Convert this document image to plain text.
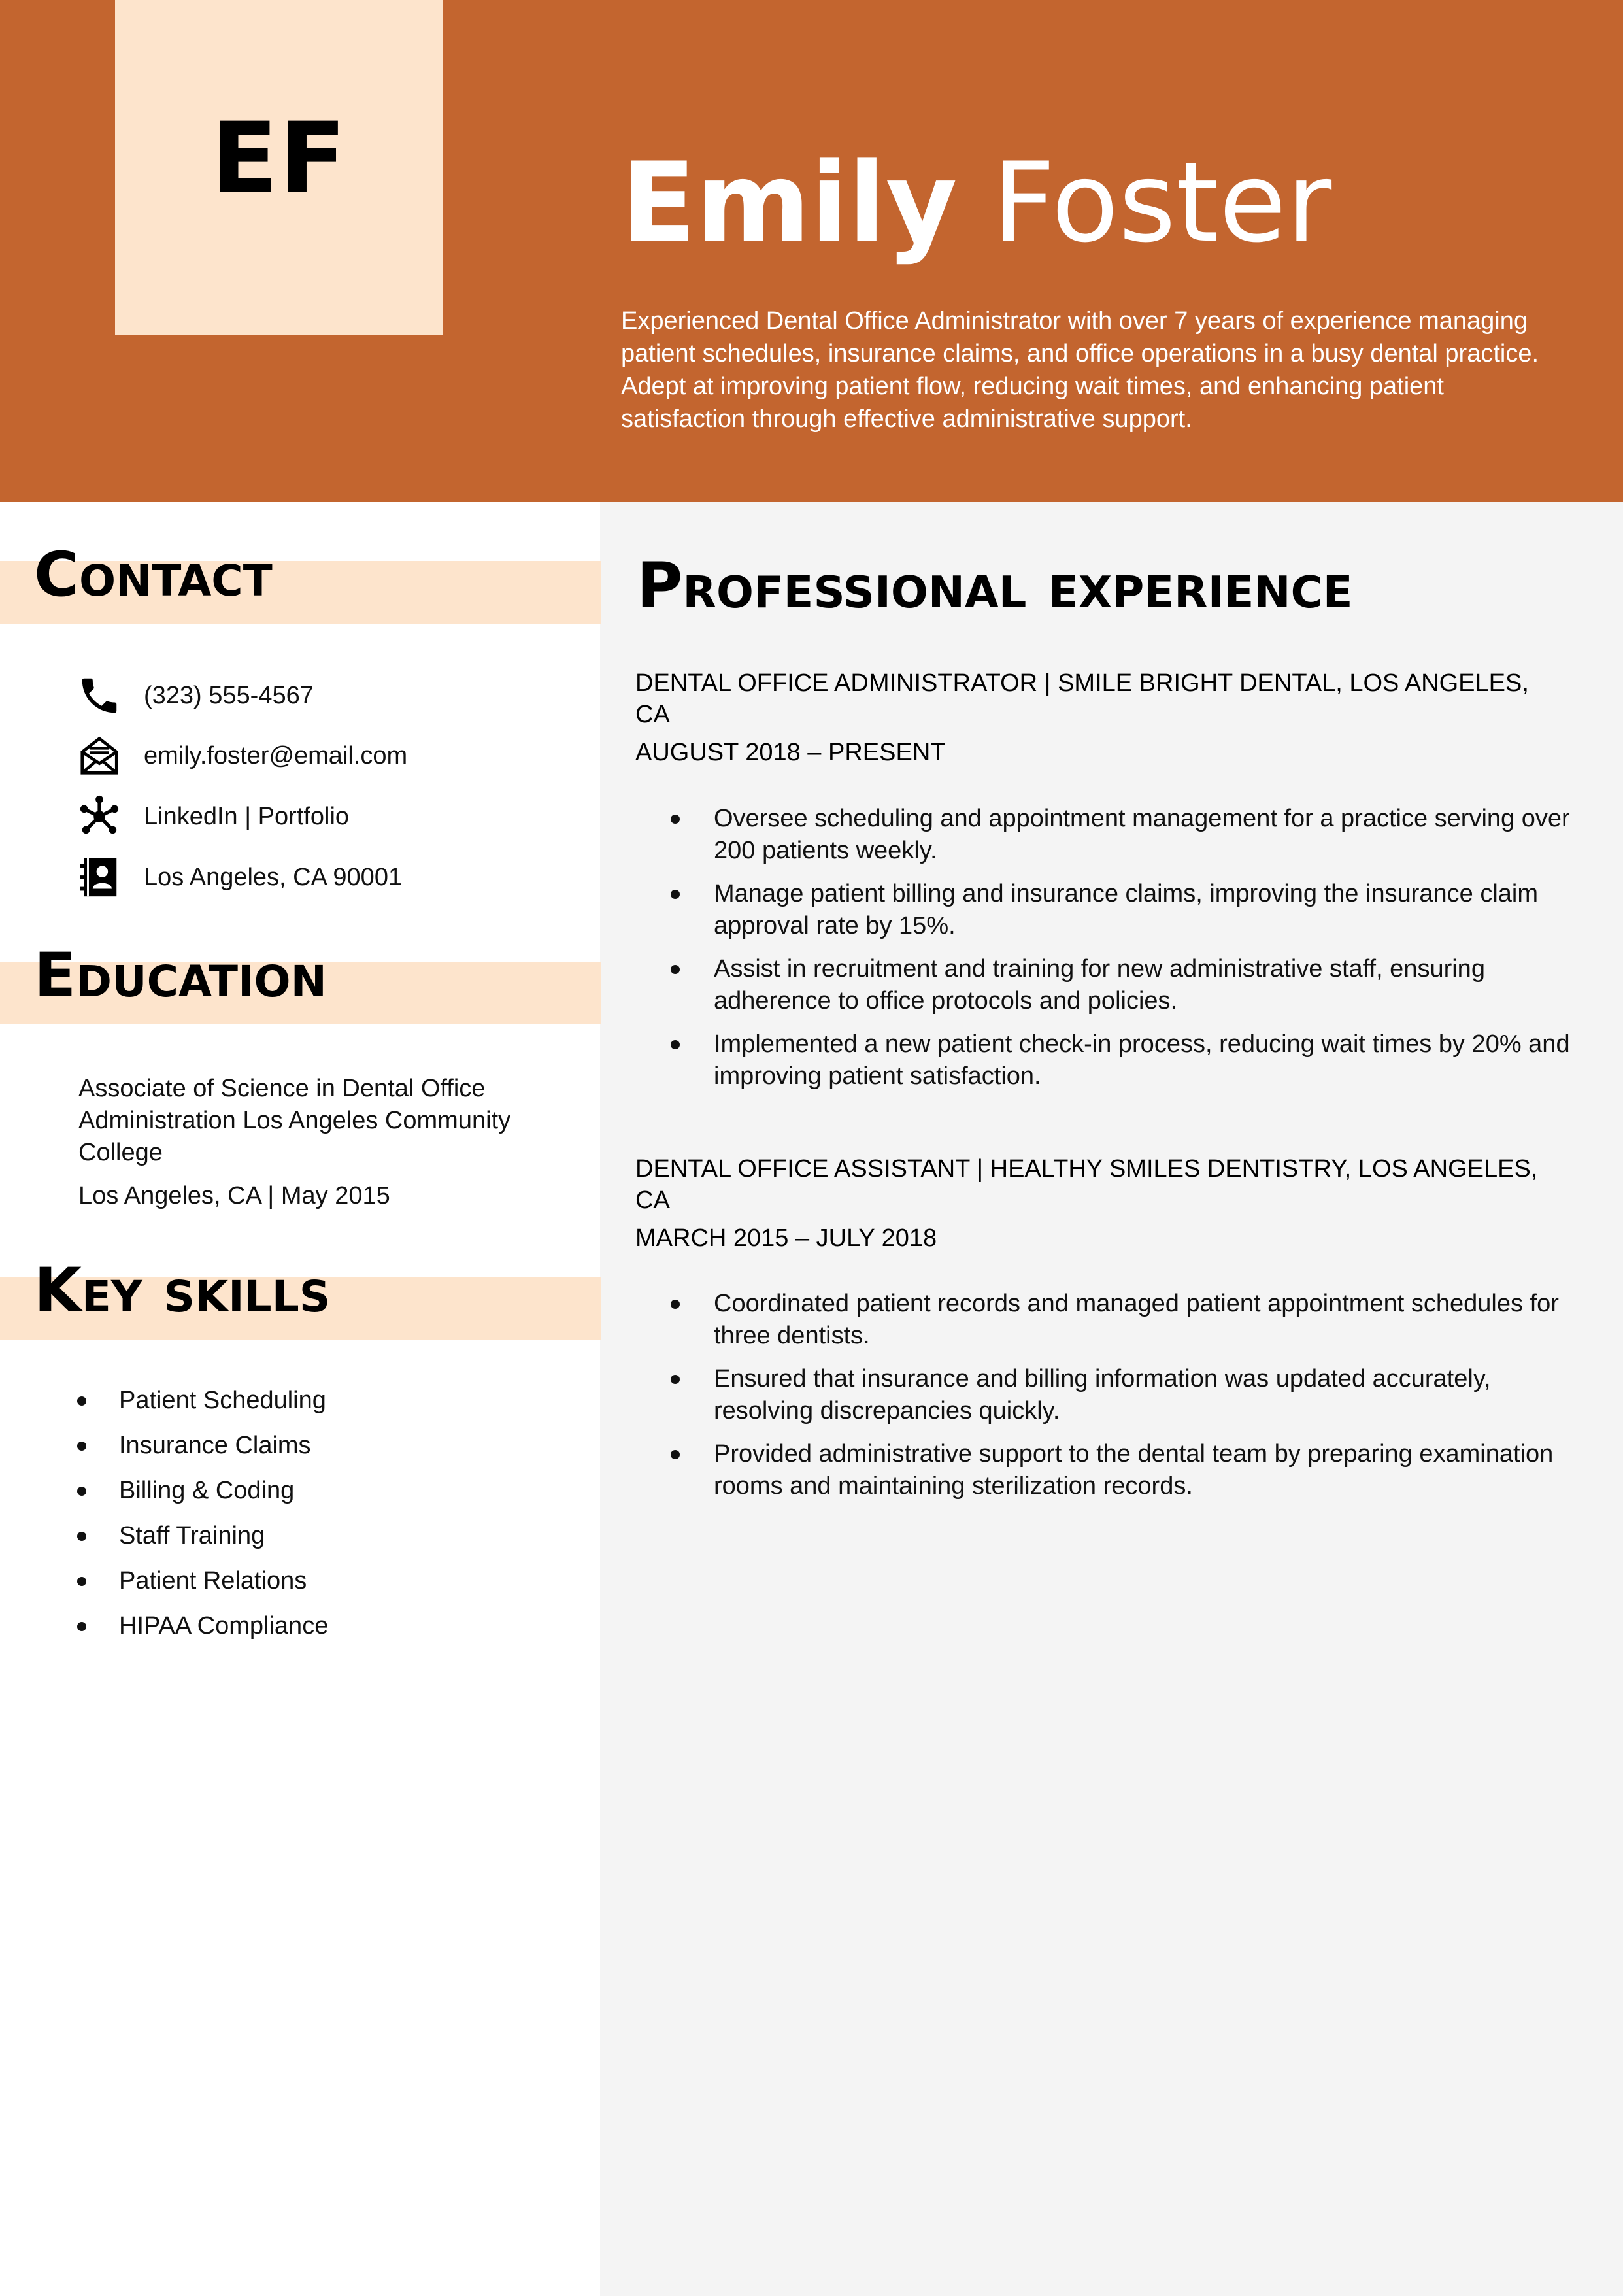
EF Emily Foster
Experienced Dental Office Administrator with over 7 years of experience managing patient schedules, insurance claims, and office operations in a busy dental practice. Adept at improving patient flow, reducing wait times, and enhancing patient satisfaction through effective administrative support.
Contact
(323) 555-4567
emily.foster@email.com
LinkedIn | Portfolio
Los Angeles, CA 90001
Education
Associate of Science in Dental Office Administration Los Angeles Community College
Los Angeles, CA | May 2015
Key skills
Patient Scheduling
Insurance Claims
Billing & Coding
Staff Training
Patient Relations
HIPAA Compliance
Professional experience
DENTAL OFFICE ADMINISTRATOR | SMILE BRIGHT DENTAL, LOS ANGELES, CA
AUGUST 2018 – PRESENT
Oversee scheduling and appointment management for a practice serving over 200 patients weekly.
Manage patient billing and insurance claims, improving the insurance claim approval rate by 15%.
Assist in recruitment and training for new administrative staff, ensuring adherence to office protocols and policies.
Implemented a new patient check-in process, reducing wait times by 20% and improving patient satisfaction.
DENTAL OFFICE ASSISTANT | HEALTHY SMILES DENTISTRY, LOS ANGELES, CA
MARCH 2015 – JULY 2018
Coordinated patient records and managed patient appointment schedules for three dentists.
Ensured that insurance and billing information was updated accurately, resolving discrepancies quickly.
Provided administrative support to the dental team by preparing examination rooms and maintaining sterilization records.
